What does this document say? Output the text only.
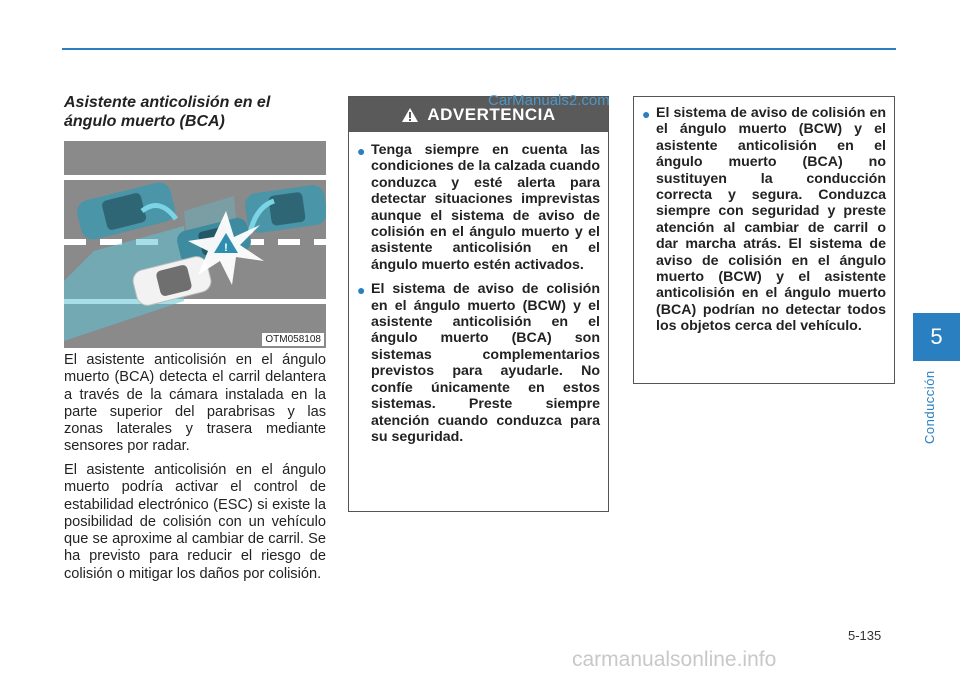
CarManuals2.com
Asistente anticolisión en el ángulo muerto (BCA)
!
OTM058108

El asistente anticolisión en el ángulo muerto (BCA) detecta el carril delantera a través de la cámara instalada en la parte superior del parabrisas y las zonas laterales y trasera mediante sensores por radar.

El asistente anticolisión en el ángulo muerto podría activar el control de estabilidad electrónico (ESC) si existe la posibilidad de colisión con un vehículo que se aproxime al cambiar de carril. Se ha previsto para reducir el riesgo de colisión o mitigar los daños por colisión.

ADVERTENCIA
● Tenga siempre en cuenta las condiciones de la calzada cuando conduzca y esté alerta para detectar situaciones imprevistas aunque el sistema de aviso de colisión en el ángulo muerto y el asistente anticolisión en el ángulo muerto estén activados.
● El sistema de aviso de colisión en el ángulo muerto (BCW) y el asistente anticolisión en el ángulo muerto (BCA) son sistemas complementarios previstos para ayudarle. No confíe únicamente en estos sistemas. Preste siempre atención cuando conduzca para su seguridad.
● El sistema de aviso de colisión en el ángulo muerto (BCW) y el asistente anticolisión en el ángulo muerto (BCA) no sustituyen la conducción correcta y segura. Conduzca siempre con seguridad y preste atención al cambiar de carril o dar marcha atrás. El sistema de aviso de colisión en el ángulo muerto (BCW) y el asistente anticolisión en el ángulo muerto (BCA) podrían no detectar todos los objetos cerca del vehículo.	5
Conducción
5-135
carmanualsonline.info
